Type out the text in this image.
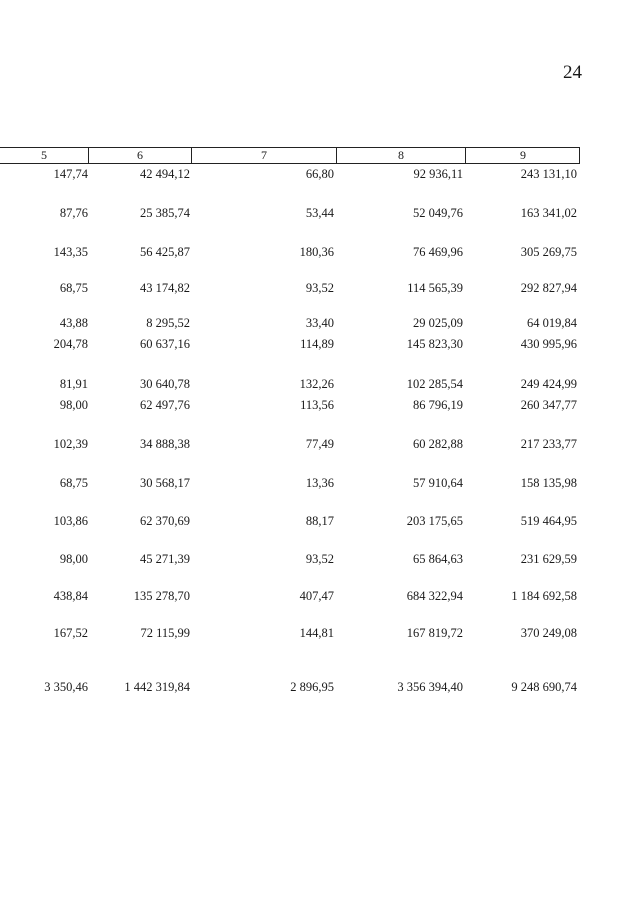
24
5	6	7	8	9
147,74	42 494,12	66,80	92 936,11	243 131,10
87,76	25 385,74	53,44	52 049,76	163 341,02
143,35	56 425,87	180,36	76 469,96	305 269,75
68,75	43 174,82	93,52	114 565,39	292 827,94
43,88	8 295,52	33,40	29 025,09	64 019,84
204,78	60 637,16	114,89	145 823,30	430 995,96
81,91	30 640,78	132,26	102 285,54	249 424,99
98,00	62 497,76	113,56	86 796,19	260 347,77
102,39	34 888,38	77,49	60 282,88	217 233,77
68,75	30 568,17	13,36	57 910,64	158 135,98
103,86	62 370,69	88,17	203 175,65	519 464,95
98,00	45 271,39	93,52	65 864,63	231 629,59
438,84	135 278,70	407,47	684 322,94	1 184 692,58
167,52	72 115,99	144,81	167 819,72	370 249,08
3 350,46	1 442 319,84	2 896,95	3 356 394,40	9 248 690,74
